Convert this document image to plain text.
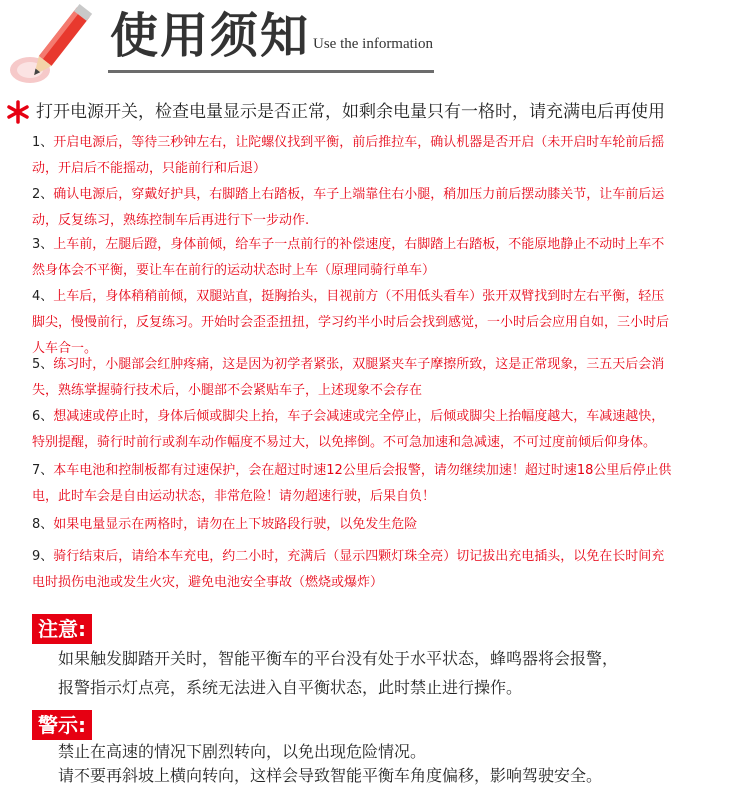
使用须知 Use the information
打开电源开关，检查电量显示是否正常，如剩余电量只有一格时，请充满电后再使用
1、开启电源后，等待三秒钟左右，让陀螺仪找到平衡，前后推拉车，确认机器是否开启（未开启时车轮前后摇
动，开启后不能摇动，只能前行和后退）
2、确认电源后，穿戴好护具，右脚踏上右踏板，车子上端靠住右小腿，稍加压力前后摆动膝关节，让车前后运
动，反复练习，熟练控制车后再进行下一步动作.
3、上车前，左腿后蹬，身体前倾，给车子一点前行的补偿速度，右脚踏上右踏板，不能原地静止不动时上车不
然身体会不平衡，要让车在前行的运动状态时上车（原理同骑行单车）
4、上车后，身体稍稍前倾，双腿站直，挺胸抬头，目视前方（不用低头看车）张开双臂找到时左右平衡，轻压
脚尖，慢慢前行，反复练习。开始时会歪歪扭扭，学习约半小时后会找到感觉，一小时后会应用自如，三小时后
人车合一。
5、练习时，小腿部会红肿疼痛，这是因为初学者紧张，双腿紧夹车子摩擦所致，这是正常现象，三五天后会消
失，熟练掌握骑行技术后，小腿部不会紧贴车子，上述现象不会存在
6、想减速或停止时，身体后倾或脚尖上抬，车子会减速或完全停止，后倾或脚尖上抬幅度越大，车减速越快，
特别提醒，骑行时前行或刹车动作幅度不易过大，以免摔倒。不可急加速和急减速，不可过度前倾后仰身体。
7、本车电池和控制板都有过速保护，会在超过时速12公里后会报警，请勿继续加速！超过时速18公里后停止供
电，此时车会是自由运动状态，非常危险！请勿超速行驶，后果自负！
8、如果电量显示在两格时，请勿在上下坡路段行驶，以免发生危险
9、骑行结束后，请给本车充电，约二小时，充满后（显示四颗灯珠全亮）切记拔出充电插头，以免在长时间充
电时损伤电池或发生火灾，避免电池安全事故（燃烧或爆炸）
注意:
如果触发脚踏开关时，智能平衡车的平台没有处于水平状态，蜂鸣器将会报警，
报警指示灯点亮，系统无法进入自平衡状态，此时禁止进行操作。
警示:
禁止在高速的情况下剧烈转向，以免出现危险情况。
请不要再斜坡上横向转向，这样会导致智能平衡车角度偏移，影响驾驶安全。
